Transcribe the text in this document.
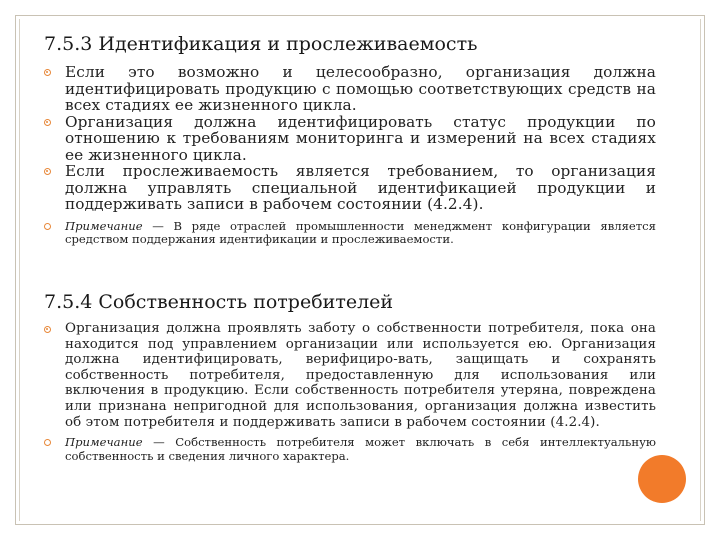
7.5.3 Идентификация и прослеживаемость
Если это возможно и целесообразно, организация должна идентифицировать продукцию с помощью соответствующих средств на всех стадиях ее жизненного цикла.
Организация должна идентифицировать статус продукции по отношению к требованиям мониторинга и измерений на всех стадиях ее жизненного цикла.
Если прослеживаемость является требованием, то организация должна управлять специальной идентификацией продукции и поддерживать записи в рабочем состоянии (4.2.4).
Примечание — В ряде отраслей промышленности менеджмент конфигурации является средством поддержания идентификации и прослеживаемости.
7.5.4 Собственность потребителей
Организация должна проявлять заботу о собственности потребителя, пока она находится под управлением организации или используется ею. Организация должна идентифицировать, верифициро-вать, защищать и сохранять собственность потребителя, предоставленную для использования или включения в продукцию. Если собственность потребителя утеряна, повреждена или признана непригодной для использования, организация должна известить об этом потребителя и поддерживать записи в рабочем состоянии (4.2.4).
Примечание — Собственность потребителя может включать в себя интеллектуальную собственность и сведения личного характера.
